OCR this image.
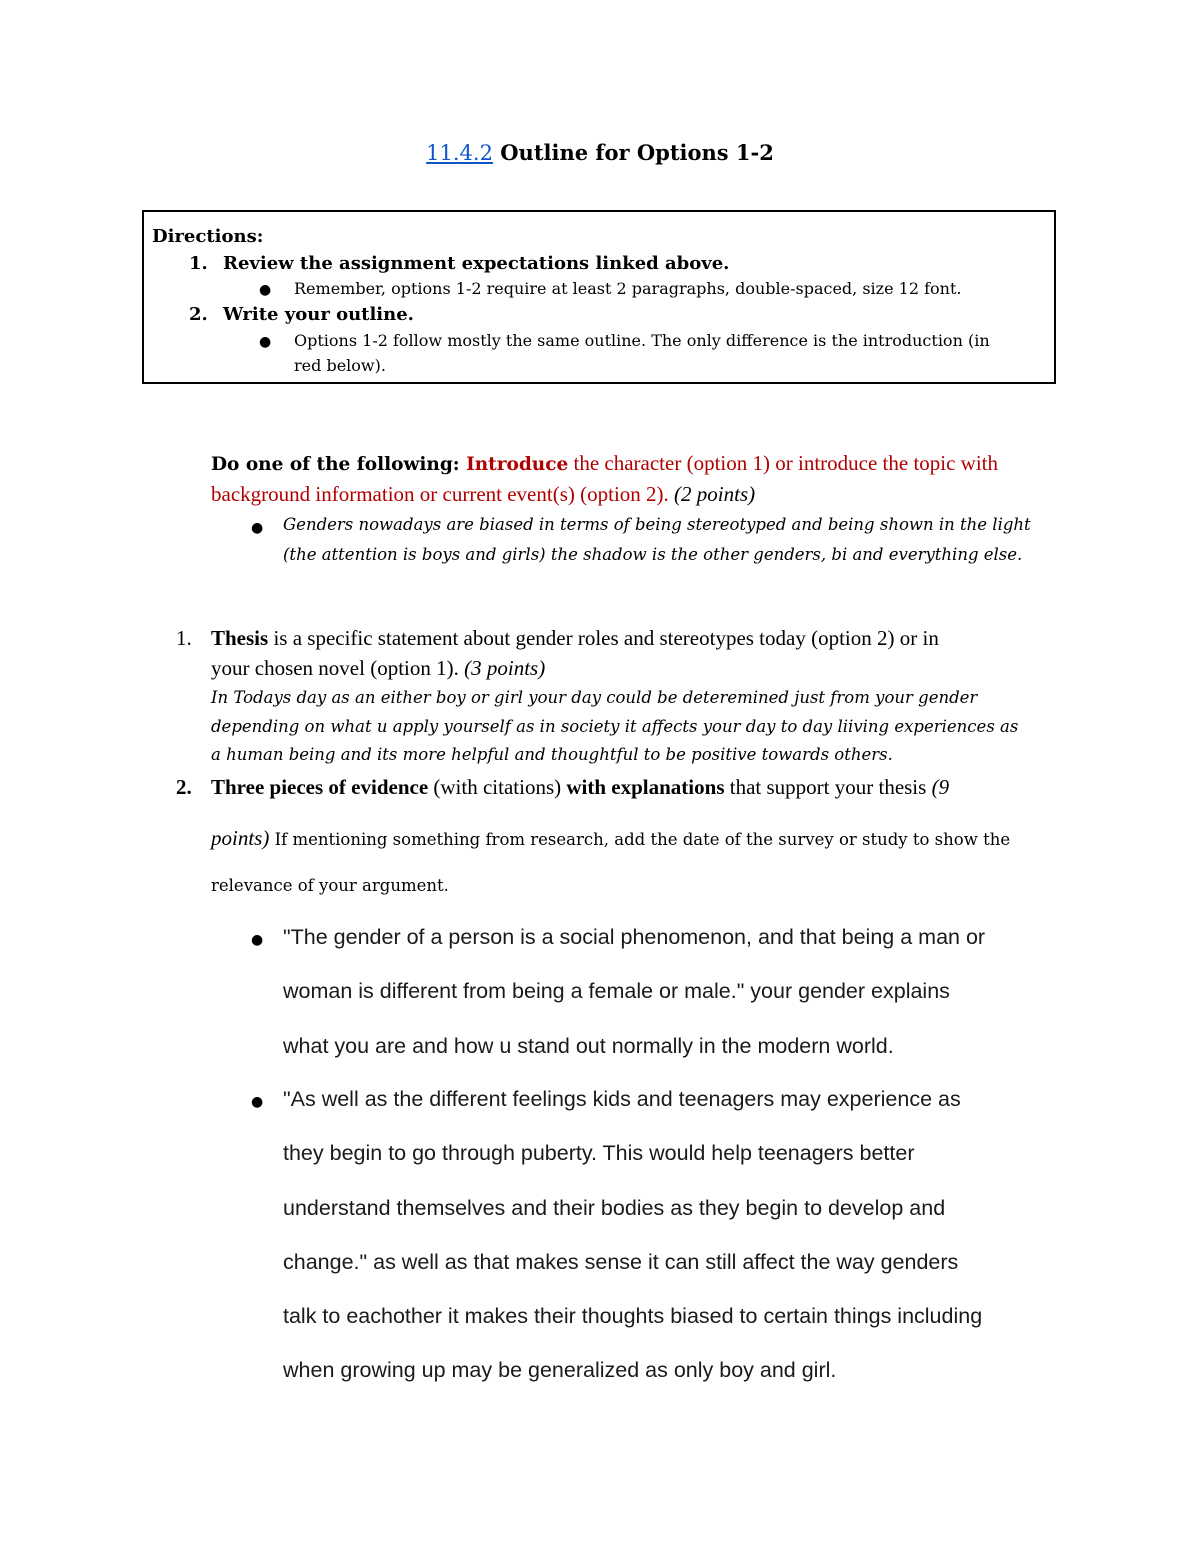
11.4.2 Outline for Options 1-2
Directions:
1. Review the assignment expectations linked above.
● Remember, options 1-2 require at least 2 paragraphs, double-spaced, size 12 font.
2. Write your outline.
● Options 1-2 follow mostly the same outline. The only difference is the introduction (in
red below).
Do one of the following: Introduce the character (option 1) or introduce the topic with
background information or current event(s) (option 2). (2 points)
● Genders nowadays are biased in terms of being stereotyped and being shown in the light
(the attention is boys and girls) the shadow is the other genders, bi and everything else.
1. Thesis is a specific statement about gender roles and stereotypes today (option 2) or in
your chosen novel (option 1). (3 points)
In Todays day as an either boy or girl your day could be deteremined just from your gender
depending on what u apply yourself as in society it affects your day to day liiving experiences as
a human being and its more helpful and thoughtful to be positive towards others.
2. Three pieces of evidence (with citations) with explanations that support your thesis (9
points) If mentioning something from research, add the date of the survey or study to show the
relevance of your argument.
● "The gender of a person is a social phenomenon, and that being a man or
woman is different from being a female or male." your gender explains
what you are and how u stand out normally in the modern world.
● "As well as the different feelings kids and teenagers may experience as
they begin to go through puberty. This would help teenagers better
understand themselves and their bodies as they begin to develop and
change." as well as that makes sense it can still affect the way genders
talk to eachother it makes their thoughts biased to certain things including
when growing up may be generalized as only boy and girl.
